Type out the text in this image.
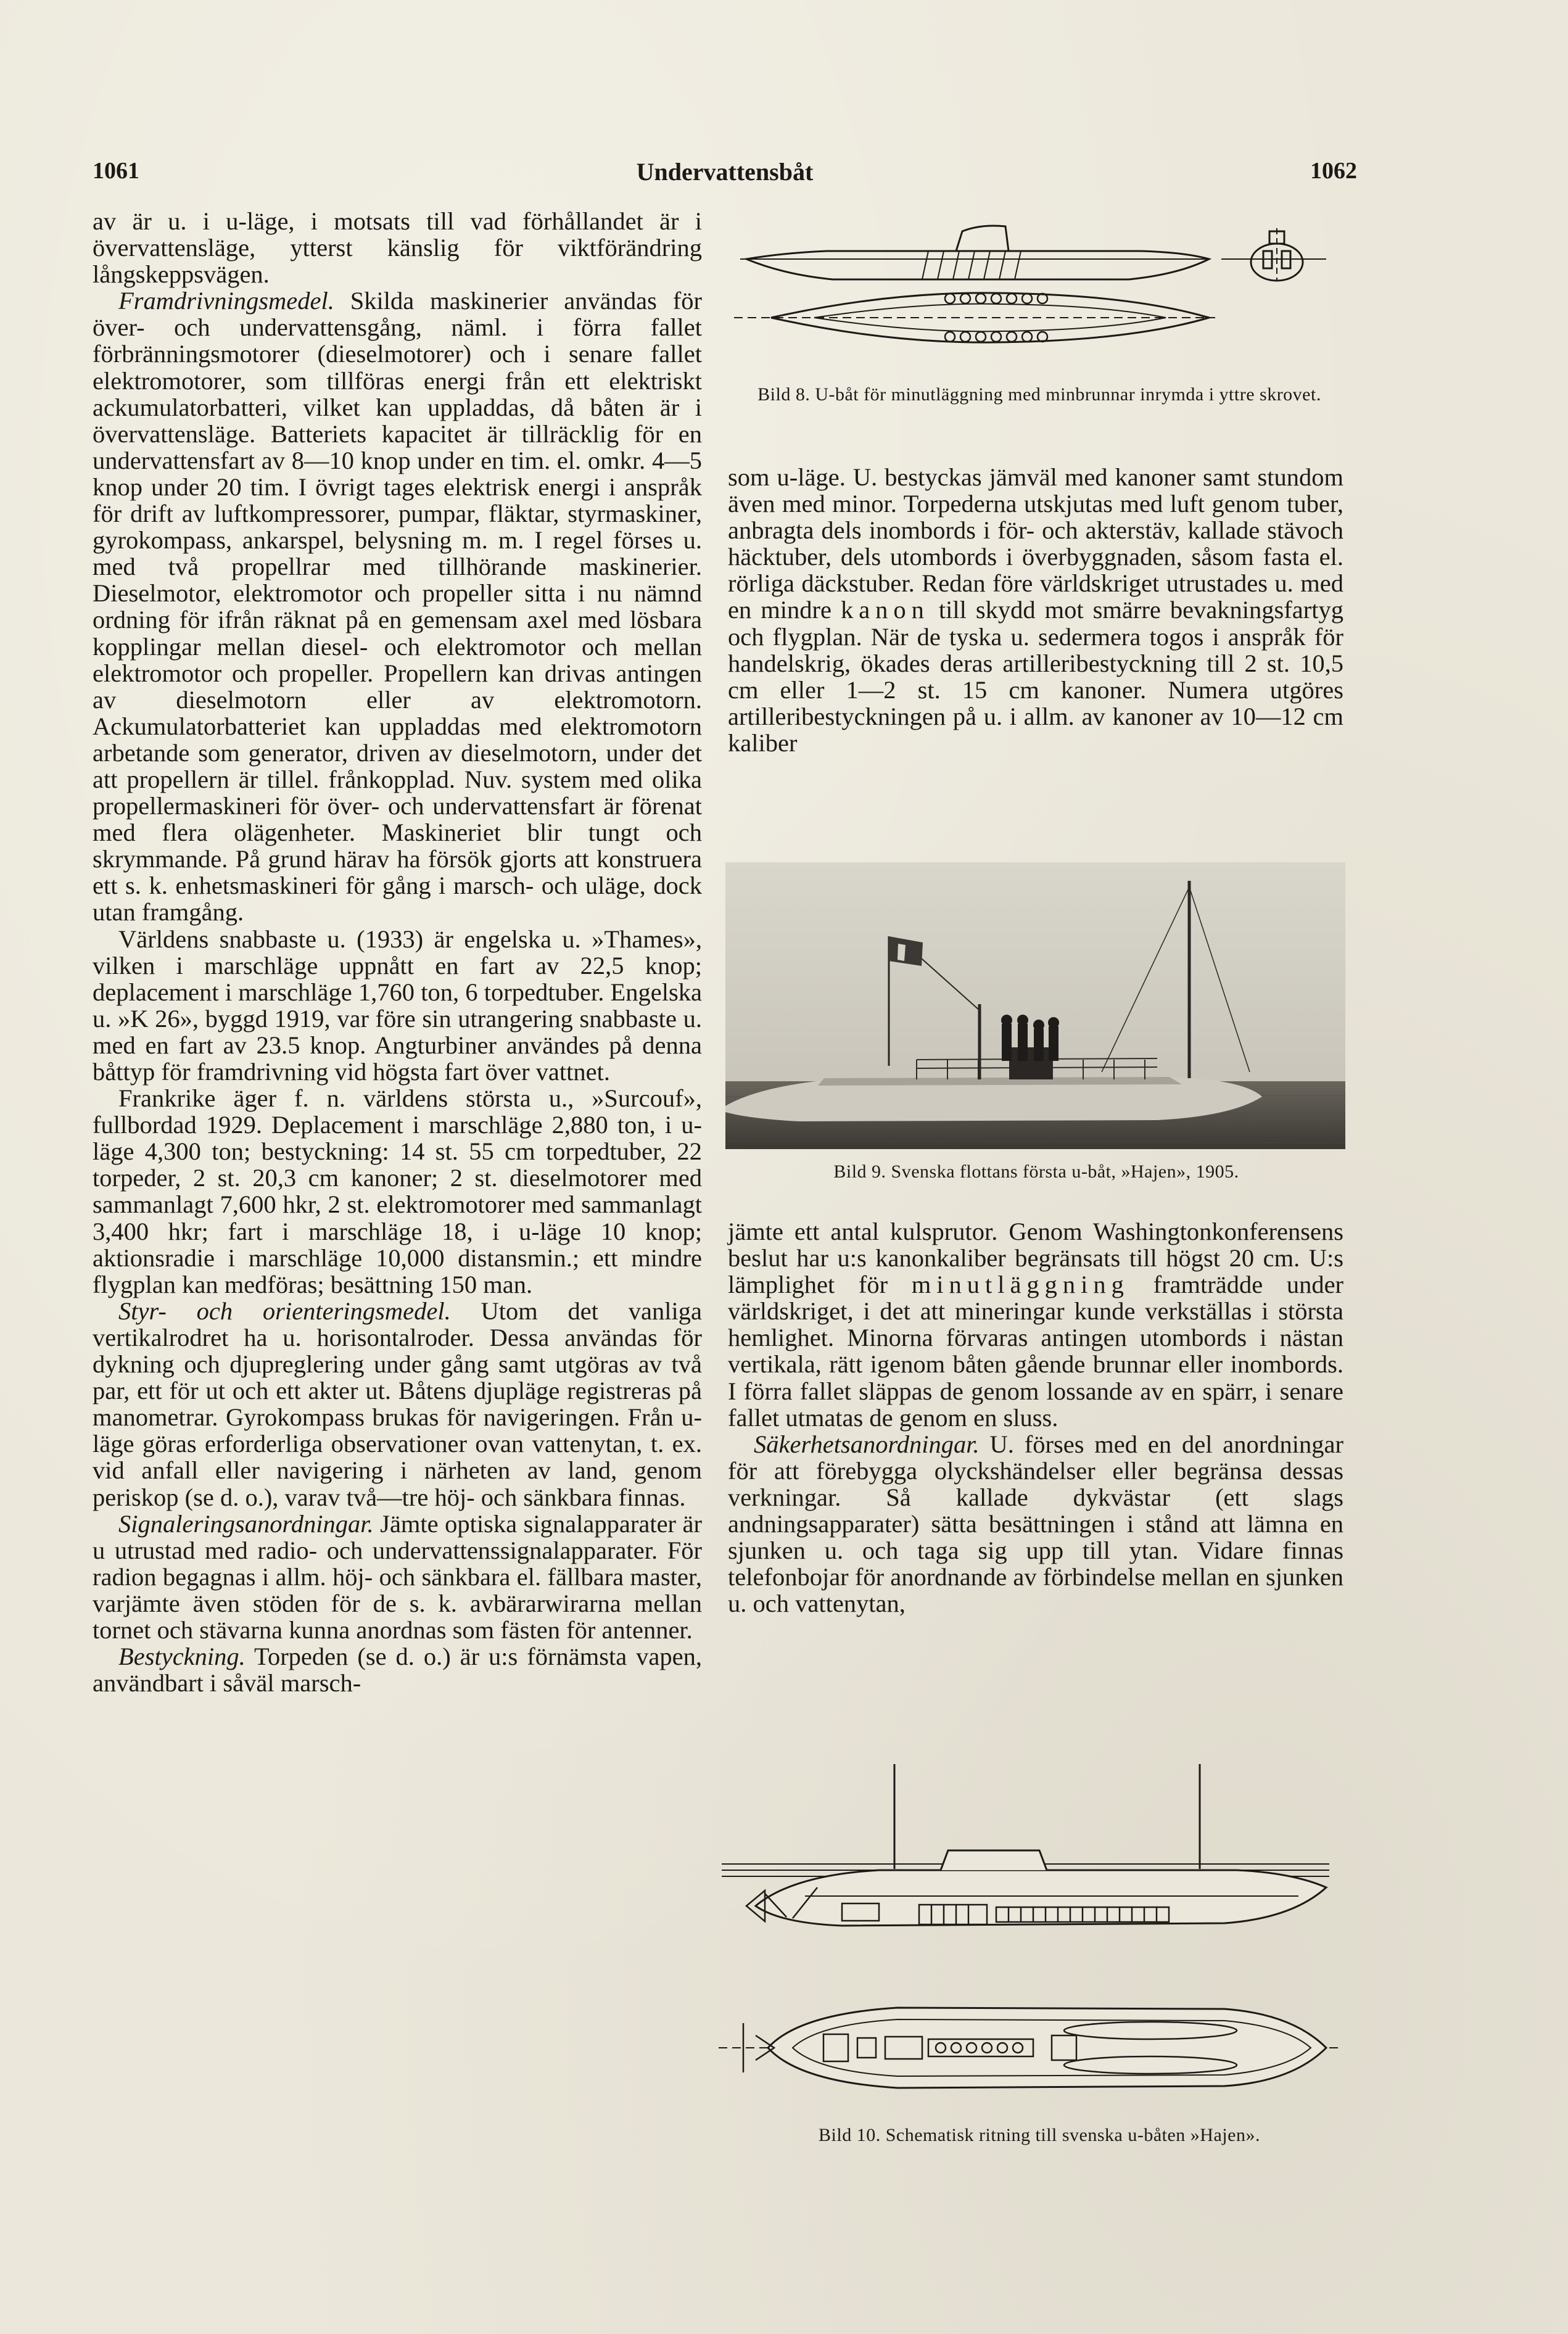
1061	Undervattensbåt	1062

av är u. i u-läge, i motsats till vad förhållandet är i övervattensläge, ytterst känslig för viktförändring långskeppsvägen.

Framdrivningsmedel. Skilda maskinerier användas för över- och undervattensgång, näml. i förra fallet förbränningsmotorer (dieselmotorer) och i senare fallet elektromotorer, som tillföras energi från ett elektriskt ackumulatorbatteri, vilket kan uppladdas, då båten är i övervattensläge. Batteriets kapacitet är tillräcklig för en undervattensfart av 8—10 knop under en tim. el. omkr. 4—5 knop under 20 tim. I övrigt tages elektrisk energi i anspråk för drift av luftkompressorer, pumpar, fläktar, styrmaskiner, gyrokompass, ankarspel, belysning m. m. I regel förses u. med två propellrar med tillhörande maskinerier. Dieselmotor, elektromotor och propeller sitta i nu nämnd ordning för ifrån räknat på en gemensam axel med lösbara kopplingar mellan diesel- och elektromotor och mellan elektromotor och propeller. Propellern kan drivas antingen av dieselmotorn eller av elektromotorn. Ackumulatorbatteriet kan uppladdas med elektromotorn arbetande som generator, driven av dieselmotorn, under det att propellern är tillel. frånkopplad. Nuv. system med olika propellermaskineri för över- och undervattensfart är förenat med flera olägenheter. Maskineriet blir tungt och skrymmande. På grund härav ha försök gjorts att konstruera ett s. k. enhetsmaskineri för gång i marsch- och uläge, dock utan framgång.

Världens snabbaste u. (1933) är engelska u. »Thames», vilken i marschläge uppnått en fart av 22,5 knop; deplacement i marschläge 1,760 ton, 6 torpedtuber. Engelska u. »K 26», byggd 1919, var före sin utrangering snabbaste u. med en fart av 23.5 knop. Angturbiner användes på denna båttyp för framdrivning vid högsta fart över vattnet.

Frankrike äger f. n. världens största u., »Surcouf», fullbordad 1929. Deplacement i marschläge 2,880 ton, i u-läge 4,300 ton; bestyckning: 14 st. 55 cm torpedtuber, 22 torpeder, 2 st. 20,3 cm kanoner; 2 st. dieselmotorer med sammanlagt 7,600 hkr, 2 st. elektromotorer med sammanlagt 3,400 hkr; fart i marschläge 18, i u-läge 10 knop; aktionsradie i marschläge 10,000 distansmin.; ett mindre flygplan kan medföras; besättning 150 man.

Styr- och orienteringsmedel. Utom det vanliga vertikalrodret ha u. horisontalroder. Dessa användas för dykning och djupreglering under gång samt utgöras av två par, ett för ut och ett akter ut. Båtens djupläge registreras på manometrar. Gyrokompass brukas för navigeringen. Från u-läge göras erforderliga observationer ovan vattenytan, t. ex. vid anfall eller navigering i närheten av land, genom periskop (se d. o.), varav två—tre höj- och sänkbara finnas.

Signaleringsanordningar. Jämte optiska signalapparater är u utrustad med radio- och undervattenssignalapparater. För radion begagnas i allm. höj- och sänkbara el. fällbara master, varjämte även stöden för de s. k. avbärarwirarna mellan tornet och stävarna kunna anordnas som fästen för antenner.

Bestyckning. Torpeden (se d. o.) är u:s förnämsta vapen, användbart i såväl marsch-

Bild 8. U-båt för minutläggning med minbrunnar inrymda i yttre skrovet.

som u-läge. U. bestyckas jämväl med kanoner samt stundom även med minor. Torpederna utskjutas med luft genom tuber, anbragta dels inombords i för- och akterstäv, kallade stävoch häcktuber, dels utombords i överbyggnaden, såsom fasta el. rörliga däckstuber. Redan före världskriget utrustades u. med en mindre kanon till skydd mot smärre bevakningsfartyg och flygplan. När de tyska u. sedermera togos i anspråk för handelskrig, ökades deras artilleribestyckning till 2 st. 10,5 cm eller 1—2 st. 15 cm kanoner. Numera utgöres artilleribestyckningen på u. i allm. av kanoner av 10—12 cm kaliber

Bild 9. Svenska flottans första u-båt, »Hajen», 1905.

jämte ett antal kulsprutor. Genom Washingtonkonferensens beslut har u:s kanonkaliber begränsats till högst 20 cm. U:s lämplighet för minutläggning framträdde under världskriget, i det att mineringar kunde verkställas i största hemlighet. Minorna förvaras antingen utombords i nästan vertikala, rätt igenom båten gående brunnar eller inombords. I förra fallet släppas de genom lossande av en spärr, i senare fallet utmatas de genom en sluss.

Säkerhetsanordningar. U. förses med en del anordningar för att förebygga olyckshändelser eller begränsa dessas verkningar. Så kallade dykvästar (ett slags andningsapparater) sätta besättningen i stånd att lämna en sjunken u. och taga sig upp till ytan. Vidare finnas telefonbojar för anordnande av förbindelse mellan en sjunken u. och vattenytan,

Bild 10. Schematisk ritning till svenska u-båten »Hajen».
